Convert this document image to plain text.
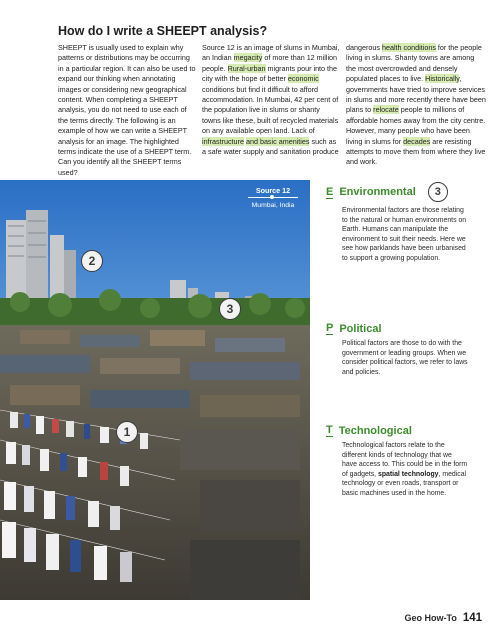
How do I write a SHEEPT analysis?
SHEEPT is usually used to explain why patterns or distributions may be occurring in a particular region. It can also be used to expand our thinking when annotating images or considering new geographical content. When completing a SHEEPT analysis, you do not need to use each of the terms directly. The following is an example of how we can write a SHEEPT analysis for an image. The highlighted terms indicate the use of a SHEEPT term. Can you identify all the SHEEPT terms used?
Source 12 is an image of slums in Mumbai, an Indian megacity of more than 12 million people. Rural-urban migrants pour into the city with the hope of better economic conditions but find it difficult to afford accommodation. In Mumbai, 42 per cent of the population live in slums or shanty towns like these, built of recycled materials on any available open land. Lack of infrastructure and basic amenities such as a safe water supply and sanitation produce
dangerous health conditions for the people living in slums. Shanty towns are among the most overcrowded and densely populated places to live. Historically, governments have tried to improve services in slums and more recently there have been plans to relocate people to millions of affordable homes away from the city centre. However, many people who have been living in slums for decades are resisting attempts to move them from where they live and work.
Source 12
Mumbai, India
2
3
1
E Environmental	3
Environmental factors are those relating to the natural or human environments on Earth. Humans can manipulate the environment to suit their needs. Here we see how parklands have been urbanised to support a growing population.
P Political
Political factors are those to do with the government or leading groups. When we consider political factors, we refer to laws and policies.
T Technological
Technological factors relate to the different kinds of technology that we have access to. This could be in the form of gadgets, spatial technology, medical technology or even roads, transport or basic machines used in the home.
Geo How-To 141
